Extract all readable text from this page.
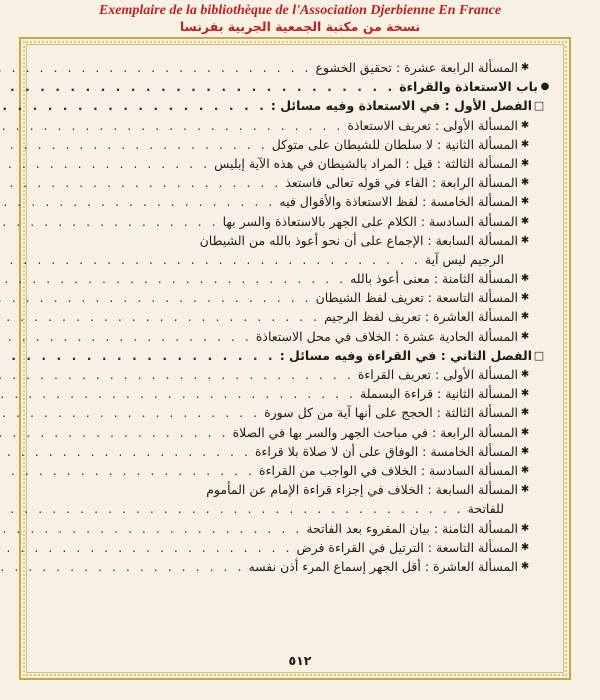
Exemplaire de la bibliothèque de l'Association Djerbienne En France
نسخة من مكتبة الجمعية الجربية بفرنسا
✱
المسألة الرابعة عشرة : تحقيق الخشوع
. . .
●
باب الاستعاذة والقراءة
. . .
□
الفصل الأول : في الاستعاذة وفيه مسائل :
. . .
✱
المسألة الأولى : تعريف الاستعاذة
. . .
✱
المسألة الثانية : لا سلطان للشيطان على متوكل
. . .
✱
المسألة الثالثة : قيل : المراد بالشيطان في هذه الآية إبليس
. . .
✱
المسألة الرابعة : الفاء في قوله تعالى فاستعذ
. . .
✱
المسألة الخامسة : لفظ الاستعاذة والأقوال فيه
. . .
✱
المسألة السادسة : الكلام على الجهر بالاستعاذة والسر بها
. . .
✱
المسألة السابعة : الإجماع على أن نحو أعوذ بالله من الشيطان
الرجيم ليس آية
. . .
✱
المسألة الثامنة : معنى أعوذ بالله
. . .
✱
المسألة التاسعة : تعريف لفظ الشيطان
. . .
✱
المسألة العاشرة : تعريف لفظ الرجيم
. . .
✱
المسألة الحادية عشرة : الخلاف في محل الاستعاذة
. . .
□
الفصل الثاني : في القراءة وفيه مسائل :
. . .
✱
المسألة الأولى : تعريف القراءة
. . .
✱
المسألة الثانية : قراءة البسملة
. . .
✱
المسألة الثالثة : الحجج على أنها آية من كل سورة
. . .
✱
المسألة الرابعة : في مباحث الجهر والسر بها في الصلاة
. . .
✱
المسألة الخامسة : الوفاق على أن لا صلاة بلا قراءة
. . .
✱
المسألة السادسة : الخلاف في الواجب من القراءة
. . .
✱
المسألة السابعة : الخلاف في إجزاء قراءة الإمام عن المأموم
للفاتحة
. . .
✱
المسألة الثامنة : بيان المقروء بعد الفاتحة
. . .
✱
المسألة التاسعة : الترتيل في القراءة فرض
. . .
✱
المسألة العاشرة : أقل الجهر إسماع المرء أذن نفسه
. . .
٥١٢
